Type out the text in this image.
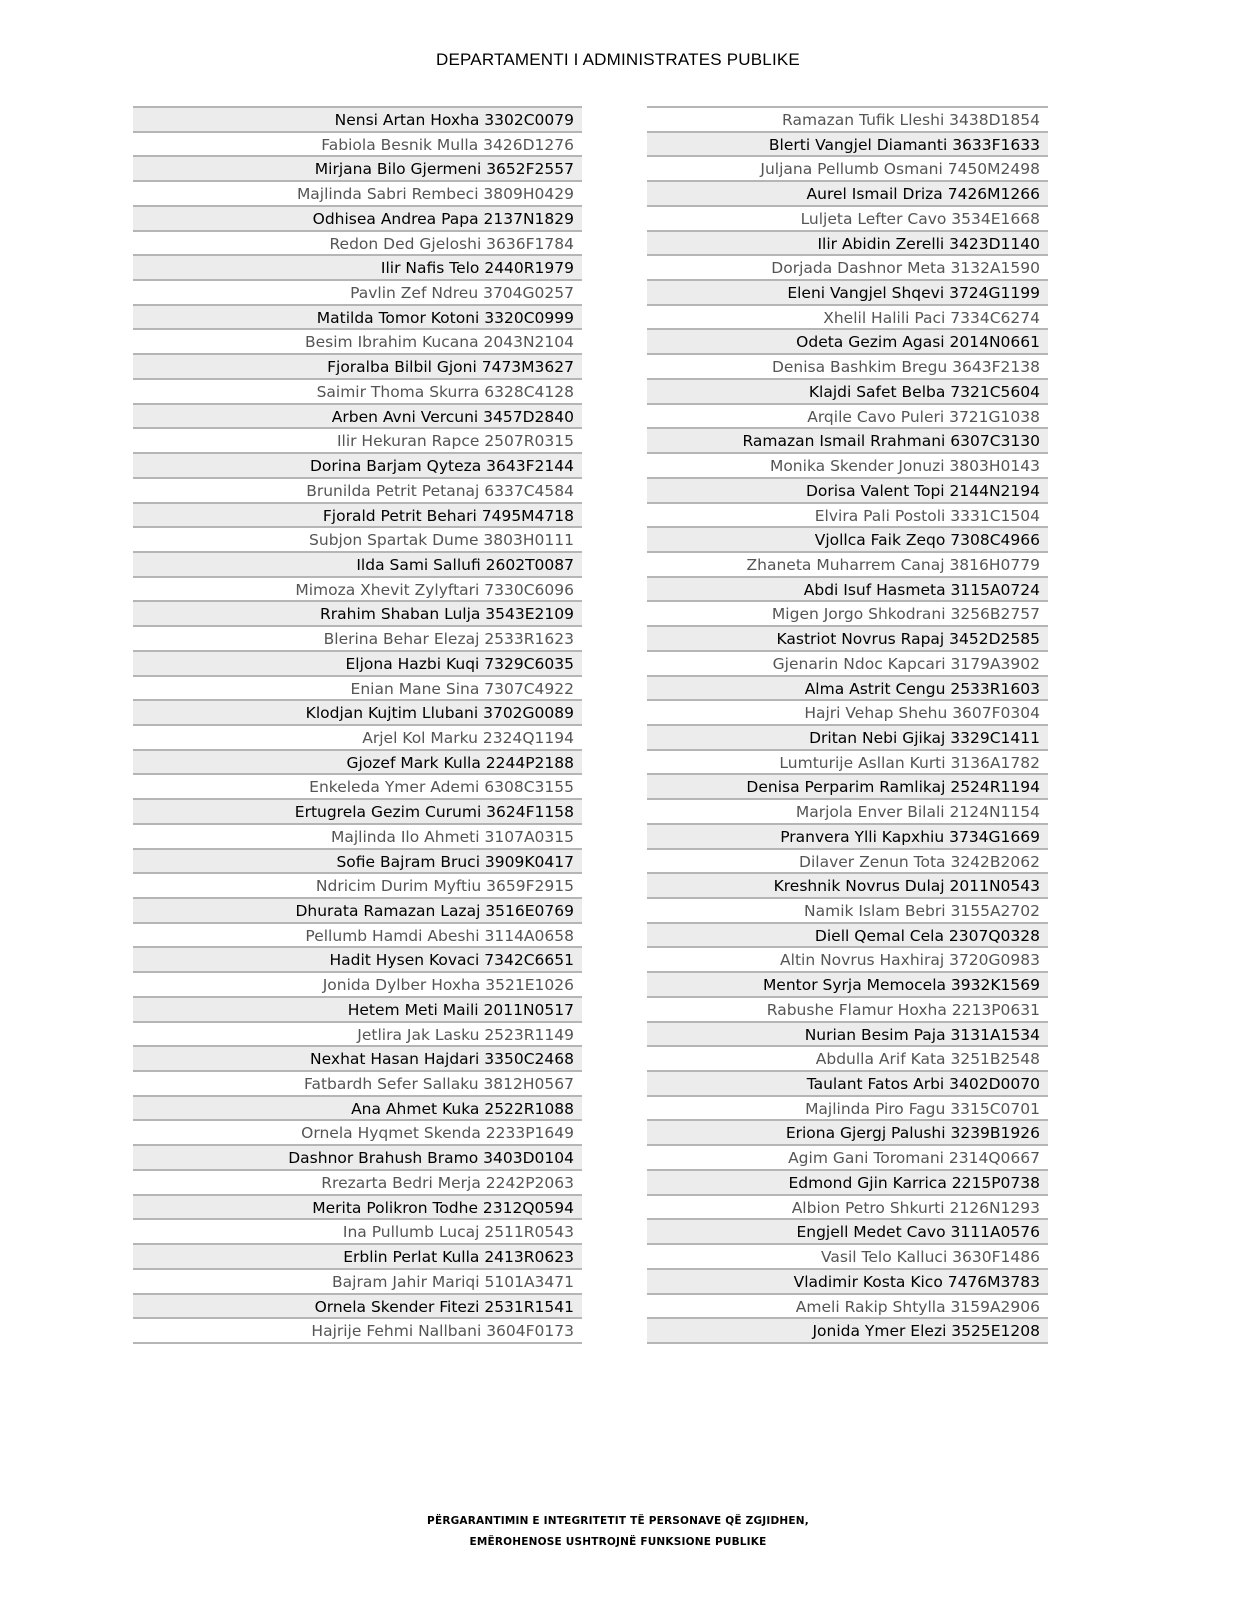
DEPARTAMENTI I ADMINISTRATES PUBLIKE
Nensi Artan Hoxha 3302C0079
Fabiola Besnik Mulla 3426D1276
Mirjana Bilo Gjermeni 3652F2557
Majlinda Sabri Rembeci 3809H0429
Odhisea Andrea Papa 2137N1829
Redon Ded Gjeloshi 3636F1784
Ilir Nafis Telo 2440R1979
Pavlin Zef Ndreu 3704G0257
Matilda Tomor Kotoni 3320C0999
Besim Ibrahim Kucana 2043N2104
Fjoralba Bilbil Gjoni 7473M3627
Saimir Thoma Skurra 6328C4128
Arben Avni Vercuni 3457D2840
Ilir Hekuran Rapce 2507R0315
Dorina Barjam Qyteza 3643F2144
Brunilda Petrit Petanaj 6337C4584
Fjorald Petrit Behari 7495M4718
Subjon Spartak Dume 3803H0111
Ilda Sami Sallufi 2602T0087
Mimoza Xhevit Zylyftari 7330C6096
Rrahim Shaban Lulja 3543E2109
Blerina Behar Elezaj 2533R1623
Eljona Hazbi Kuqi 7329C6035
Enian Mane Sina 7307C4922
Klodjan Kujtim Llubani 3702G0089
Arjel Kol Marku 2324Q1194
Gjozef Mark Kulla 2244P2188
Enkeleda Ymer Ademi 6308C3155
Ertugrela Gezim Curumi 3624F1158
Majlinda Ilo Ahmeti 3107A0315
Sofie Bajram Bruci 3909K0417
Ndricim Durim Myftiu 3659F2915
Dhurata Ramazan Lazaj 3516E0769
Pellumb Hamdi Abeshi 3114A0658
Hadit Hysen Kovaci 7342C6651
Jonida Dylber Hoxha 3521E1026
Hetem Meti Maili 2011N0517
Jetlira Jak Lasku 2523R1149
Nexhat Hasan Hajdari 3350C2468
Fatbardh Sefer Sallaku 3812H0567
Ana Ahmet Kuka 2522R1088
Ornela Hyqmet Skenda 2233P1649
Dashnor Brahush Bramo 3403D0104
Rrezarta Bedri Merja 2242P2063
Merita Polikron Todhe 2312Q0594
Ina Pullumb Lucaj 2511R0543
Erblin Perlat Kulla 2413R0623
Bajram Jahir Mariqi 5101A3471
Ornela Skender Fitezi 2531R1541
Hajrije Fehmi Nallbani 3604F0173
Ramazan Tufik Lleshi 3438D1854
Blerti Vangjel Diamanti 3633F1633
Juljana Pellumb Osmani 7450M2498
Aurel Ismail Driza 7426M1266
Luljeta Lefter Cavo 3534E1668
Ilir Abidin Zerelli 3423D1140
Dorjada Dashnor Meta 3132A1590
Eleni Vangjel Shqevi 3724G1199
Xhelil Halili Paci 7334C6274
Odeta Gezim Agasi 2014N0661
Denisa Bashkim Bregu 3643F2138
Klajdi Safet Belba 7321C5604
Arqile Cavo Puleri 3721G1038
Ramazan Ismail Rrahmani 6307C3130
Monika Skender Jonuzi 3803H0143
Dorisa Valent Topi 2144N2194
Elvira Pali Postoli 3331C1504
Vjollca Faik Zeqo 7308C4966
Zhaneta Muharrem Canaj 3816H0779
Abdi Isuf Hasmeta 3115A0724
Migen Jorgo Shkodrani 3256B2757
Kastriot Novrus Rapaj 3452D2585
Gjenarin Ndoc Kapcari 3179A3902
Alma Astrit Cengu 2533R1603
Hajri Vehap Shehu 3607F0304
Dritan Nebi Gjikaj 3329C1411
Lumturije Asllan Kurti 3136A1782
Denisa Perparim Ramlikaj 2524R1194
Marjola Enver Bilali 2124N1154
Pranvera Ylli Kapxhiu 3734G1669
Dilaver Zenun Tota 3242B2062
Kreshnik Novrus Dulaj 2011N0543
Namik Islam Bebri 3155A2702
Diell Qemal Cela 2307Q0328
Altin Novrus Haxhiraj 3720G0983
Mentor Syrja Memocela 3932K1569
Rabushe Flamur Hoxha 2213P0631
Nurian Besim Paja 3131A1534
Abdulla Arif Kata 3251B2548
Taulant Fatos Arbi 3402D0070
Majlinda Piro Fagu 3315C0701
Eriona Gjergj Palushi 3239B1926
Agim Gani Toromani 2314Q0667
Edmond Gjin Karrica 2215P0738
Albion Petro Shkurti 2126N1293
Engjell Medet Cavo 3111A0576
Vasil Telo Kalluci 3630F1486
Vladimir Kosta Kico 7476M3783
Ameli Rakip Shtylla 3159A2906
Jonida Ymer Elezi 3525E1208
PËRGARANTIMIN E INTEGRITETIT TË PERSONAVE QË ZGJIDHEN,
EMËROHENOSE USHTROJNË FUNKSIONE PUBLIKE
